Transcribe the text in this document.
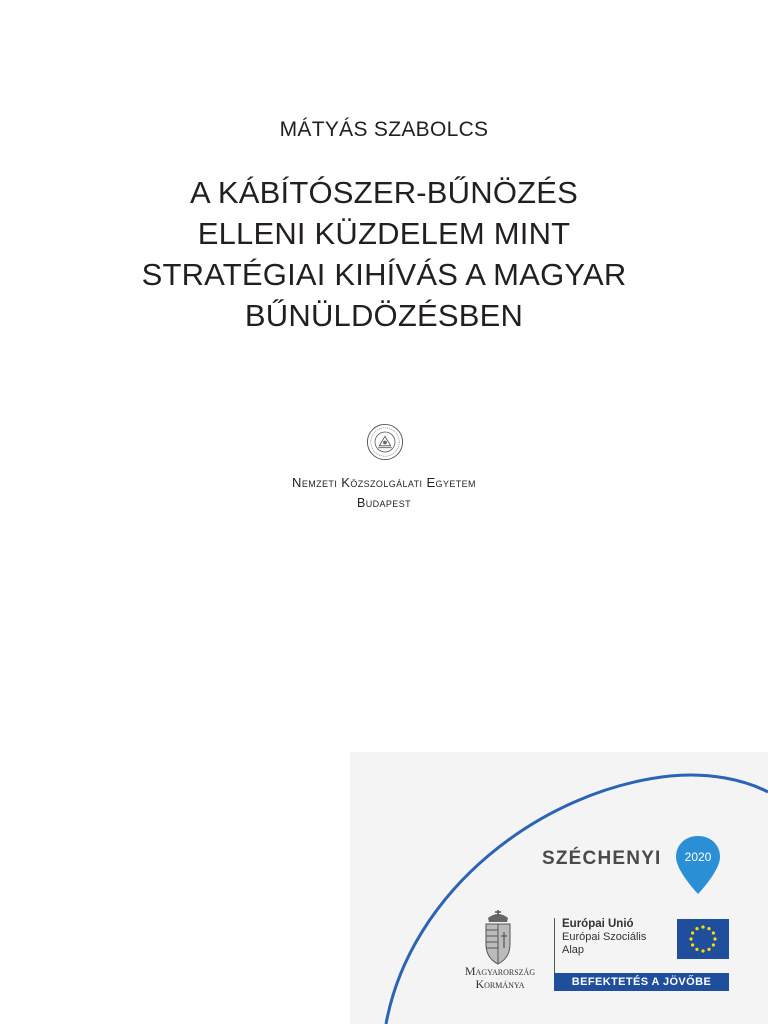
MÁTYÁS SZABOLCS
A KÁBÍTÓSZER-BŰNÖZÉS
ELLENI KÜZDELEM MINT
STRATÉGIAI KIHÍVÁS A MAGYAR
BŰNÜLDÖZÉSBEN
Nemzeti Közszolgálati Egyetem
Budapest
SZÉCHENYI 2020
Magyarország
Kormánya
Európai Unió
Európai Szociális
Alap
BEFEKTETÉS A JÖVŐBE
